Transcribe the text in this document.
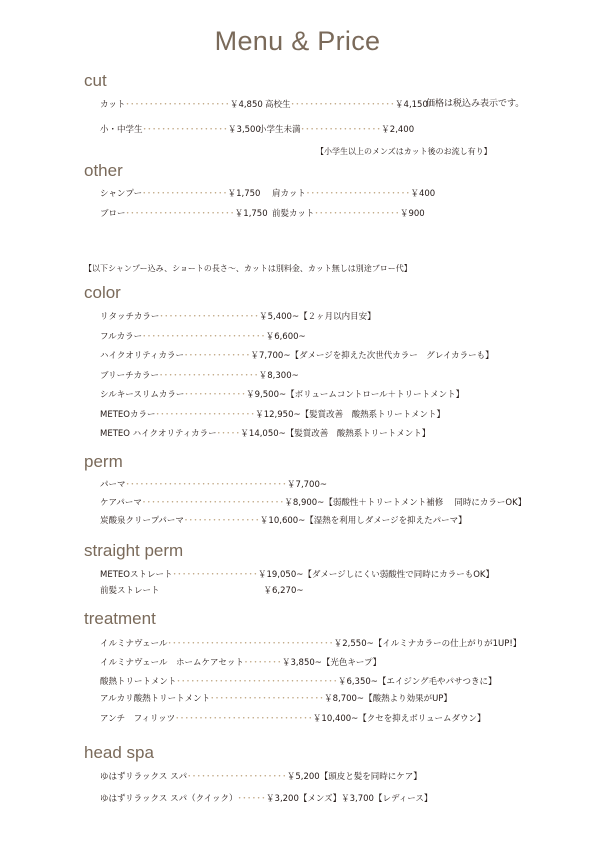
Menu & Price
cut
価格は税込み表示です。
カット･･････････････････････￥4,850 高校生･･････････････････････￥4,150
小・中学生･･････････････････￥3,500
小学生未満･････････････････￥2,400
【小学生以上のメンズはカット後のお流し有り】
other
シャンプー･･････････････････￥1,750 肩カット･･････････････････････￥400
ブロー･･･････････････････････￥1,750 前髪カット･･････････････････￥900
【以下シャンプー込み、ショートの長さ〜、カットは別料金、カット無しは別途ブロー代】
color
リタッチカラー･････････････････････￥5,400~【２ヶ月以内目安】
フルカラー･･････････････････････････￥6,600~
ハイクオリティカラー･･････････････￥7,700~【ダメージを抑えた次世代カラー　グレイカラーも】
ブリーチカラー･････････････････････￥8,300~
シルキースリムカラー･････････････￥9,500~【ボリュームコントロール＋トリートメント】
METEOカラー･････････････････････￥12,950~【髪質改善　酸熱系トリートメント】
METEO ハイクオリティカラー･････￥14,050~【髪質改善　酸熱系トリートメント】
perm
パーマ･･････････････････････････････････￥7,700~
ケアパーマ･･････････････････････････････￥8,900~【弱酸性＋トリートメント補修　 同時にカラーOK】
炭酸泉クリープパーマ････････････････￥10,600~【湿熱を利用しダメージを抑えたパーマ】
straight perm
METEOストレート･･････････････････￥19,050~【ダメージしにくい弱酸性で同時にカラーもOK】
前髪ストレート	￥6,270~
treatment
イルミナヴェール･･･････････････････････････････････￥2,550~【イルミナカラーの仕上がりが1UP!】
イルミナヴェール　ホームケアセット････････￥3,850~【光色キープ】
酸熱トリートメント･･････････････････････････････････￥6,350~【エイジング毛やパサつきに】
アルカリ酸熱トリートメント････････････････････････￥8,700~【酸熱より効果がUP】
アンチ　フィリッツ･････････････････････････････￥10,400~【クセを抑えボリュームダウン】
head spa
ゆはずリラックス スパ･････････････････････￥5,200【頭皮と髪を同時にケア】
ゆはずリラックス スパ（クイック）･･････￥3,200【メンズ】￥3,700【レディース】
